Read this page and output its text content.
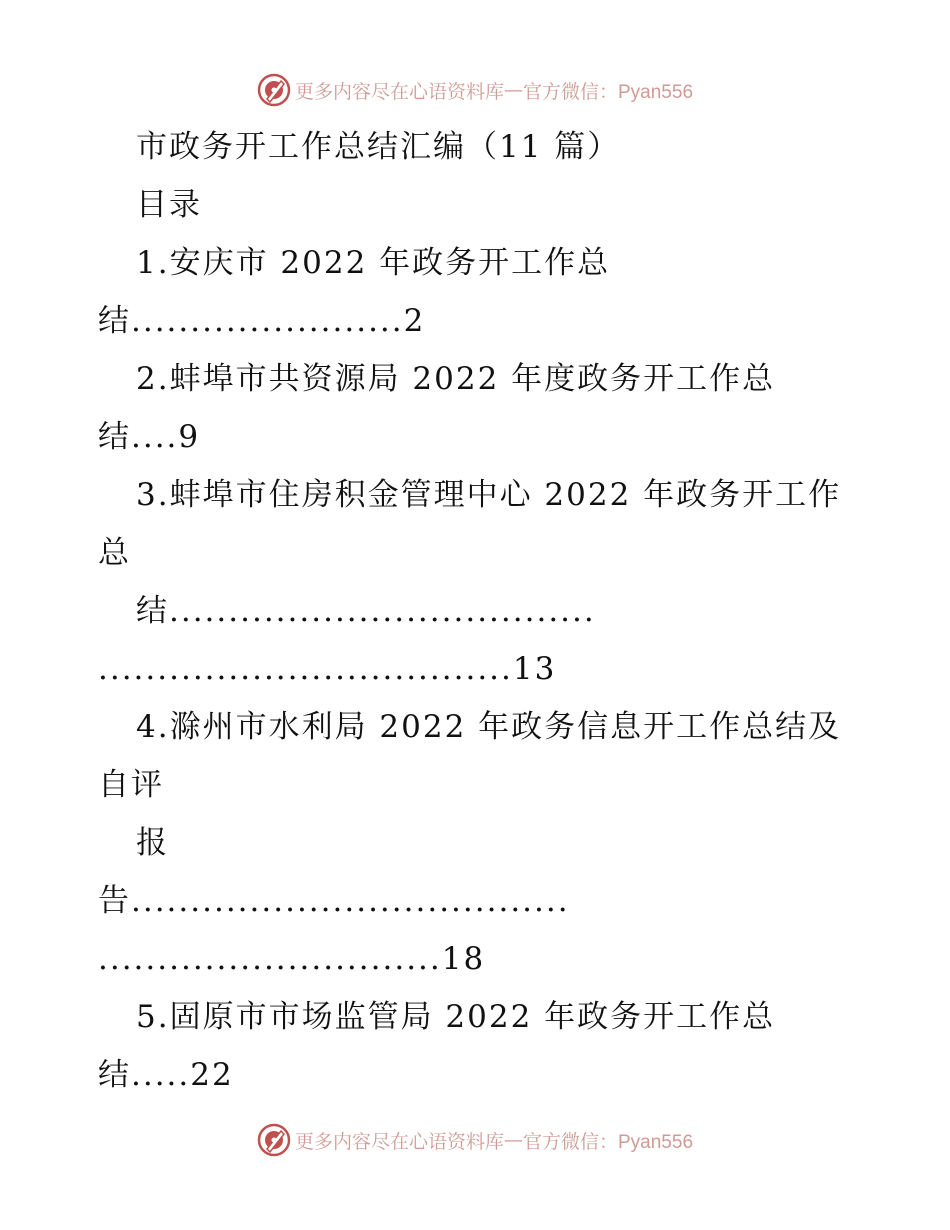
更多内容尽在心语资料库 — 官方微信：Pyan556
市政务开工作总结汇编（11 篇）
目录
1.安庆市 2022 年政务开工作总
结.......................2
2.蚌埠市共资源局 2022 年度政务开工作总
结....9
3.蚌埠市住房积金管理中心 2022 年政务开工作
总
结....................................
...................................13
4.滁州市水利局 2022 年政务信息开工作总结及
自评
报
告.....................................
.............................18
5.固原市市场监管局 2022 年政务开工作总
结.....22
更多内容尽在心语资料库 — 官方微信：Pyan556
